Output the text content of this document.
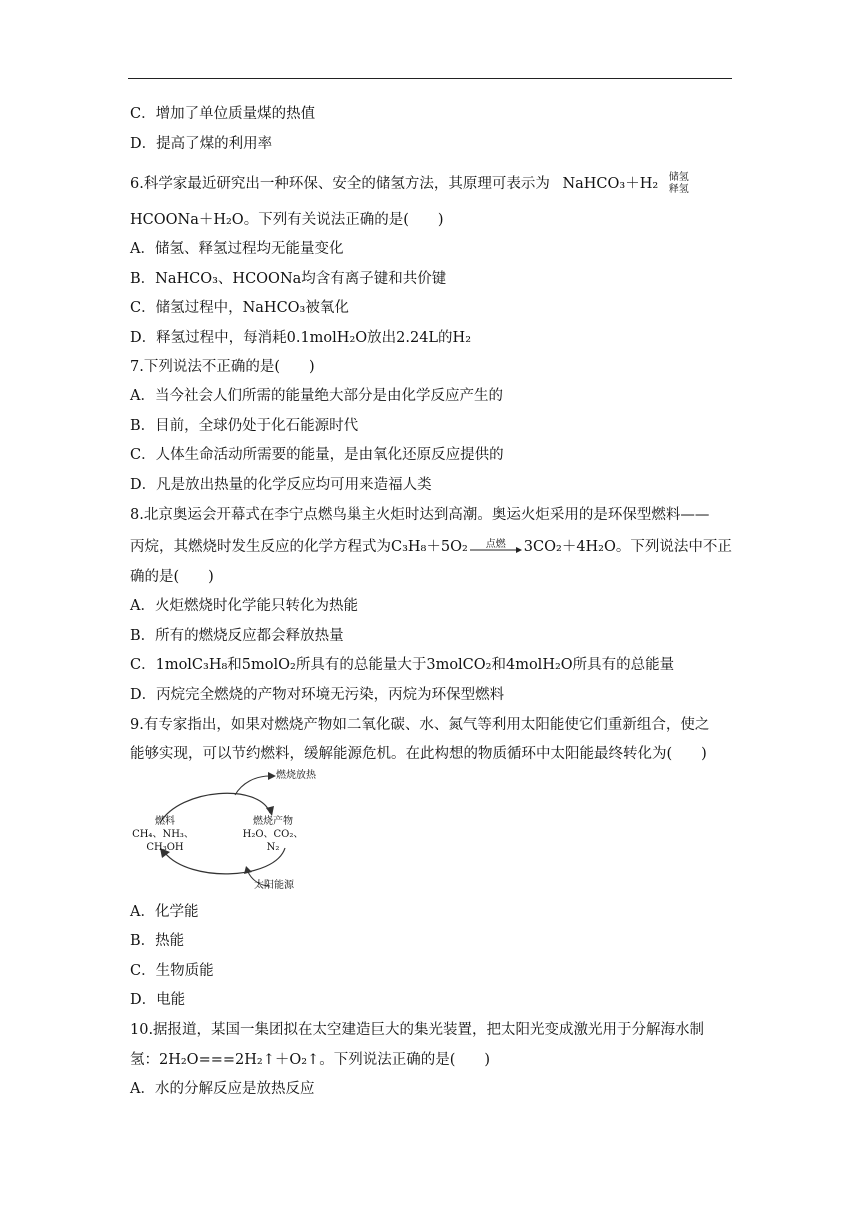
C．增加了单位质量煤的热值
D．提高了煤的利用率
6.科学家最近研究出一种环保、安全的储氢方法，其原理可表示为 NaHCO₃＋H₂ 储氢
释氢
HCOONa＋H₂O。下列有关说法正确的是(　　)
A．储氢、释氢过程均无能量变化
B．NaHCO₃、HCOONa均含有离子键和共价键
C．储氢过程中，NaHCO₃被氧化
D．释氢过程中，每消耗0.1molH₂O放出2.24L的H₂
7.下列说法不正确的是(　　)
A．当今社会人们所需的能量绝大部分是由化学反应产生的
B．目前，全球仍处于化石能源时代
C．人体生命活动所需要的能量，是由氧化还原反应提供的
D．凡是放出热量的化学反应均可用来造福人类
8.北京奥运会开幕式在李宁点燃鸟巢主火炬时达到高潮。奥运火炬采用的是环保型燃料——
丙烷，其燃烧时发生反应的化学方程式为C₃H₈＋5O₂	点燃	3CO₂＋4H₂O。下列说法中不正
确的是(　　)
A．火炬燃烧时化学能只转化为热能
B．所有的燃烧反应都会释放热量
C．1molC₃H₈和5molO₂所具有的总能量大于3molCO₂和4molH₂O所具有的总能量
D．丙烷完全燃烧的产物对环境无污染，丙烷为环保型燃料
9.有专家指出，如果对燃烧产物如二氧化碳、水、氮气等利用太阳能使它们重新组合，使之
能够实现，可以节约燃料，缓解能源危机。在此构想的物质循环中太阳能最终转化为(　　)
燃烧放热
燃料
CH₄、NH₃、
CH₃OH
燃烧产物
H₂O、CO₂、
N₂
太阳能源
A．化学能
B．热能
C．生物质能
D．电能
10.据报道，某国一集团拟在太空建造巨大的集光装置，把太阳光变成激光用于分解海水制
氢：2H₂O===2H₂↑＋O₂↑。下列说法正确的是(　　)
A．水的分解反应是放热反应
